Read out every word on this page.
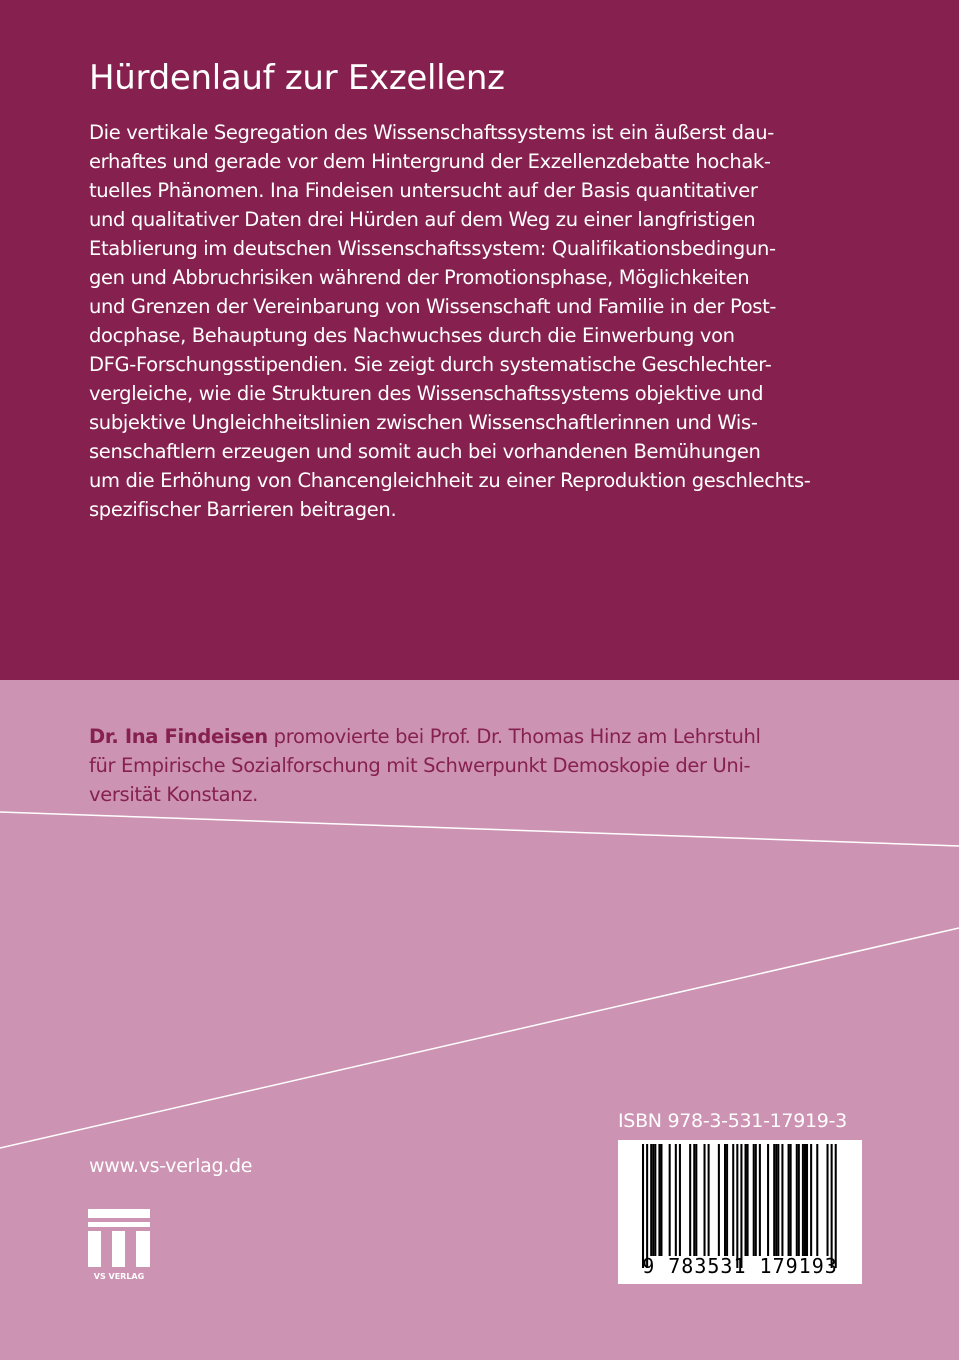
Hürdenlauf zur Exzellenz
Die vertikale Segregation des Wissenschaftssystems ist ein äußerst dau-
erhaftes und gerade vor dem Hintergrund der Exzellenzdebatte hochak-
tuelles Phänomen. Ina Findeisen untersucht auf der Basis quantitativer
und qualitativer Daten drei Hürden auf dem Weg zu einer langfristigen
Etablierung im deutschen Wissenschaftssystem: Qualifikationsbedingun-
gen und Abbruchrisiken während der Promotionsphase, Möglichkeiten
und Grenzen der Vereinbarung von Wissenschaft und Familie in der Post-
docphase, Behauptung des Nachwuchses durch die Einwerbung von
DFG-Forschungsstipendien. Sie zeigt durch systematische Geschlechter-
vergleiche, wie die Strukturen des Wissenschaftssystems objektive und
subjektive Ungleichheitslinien zwischen Wissenschaftlerinnen und Wis-
senschaftlern erzeugen und somit auch bei vorhandenen Bemühungen
um die Erhöhung von Chancengleichheit zu einer Reproduktion geschlechts-
spezifischer Barrieren beitragen.
Dr. Ina Findeisen promovierte bei Prof. Dr. Thomas Hinz am Lehrstuhl
für Empirische Sozialforschung mit Schwerpunkt Demoskopie der Uni-
versität Konstanz.
www.vs-verlag.de
VS VERLAG
ISBN 978-3-531-17919-3
9 783531 179193
